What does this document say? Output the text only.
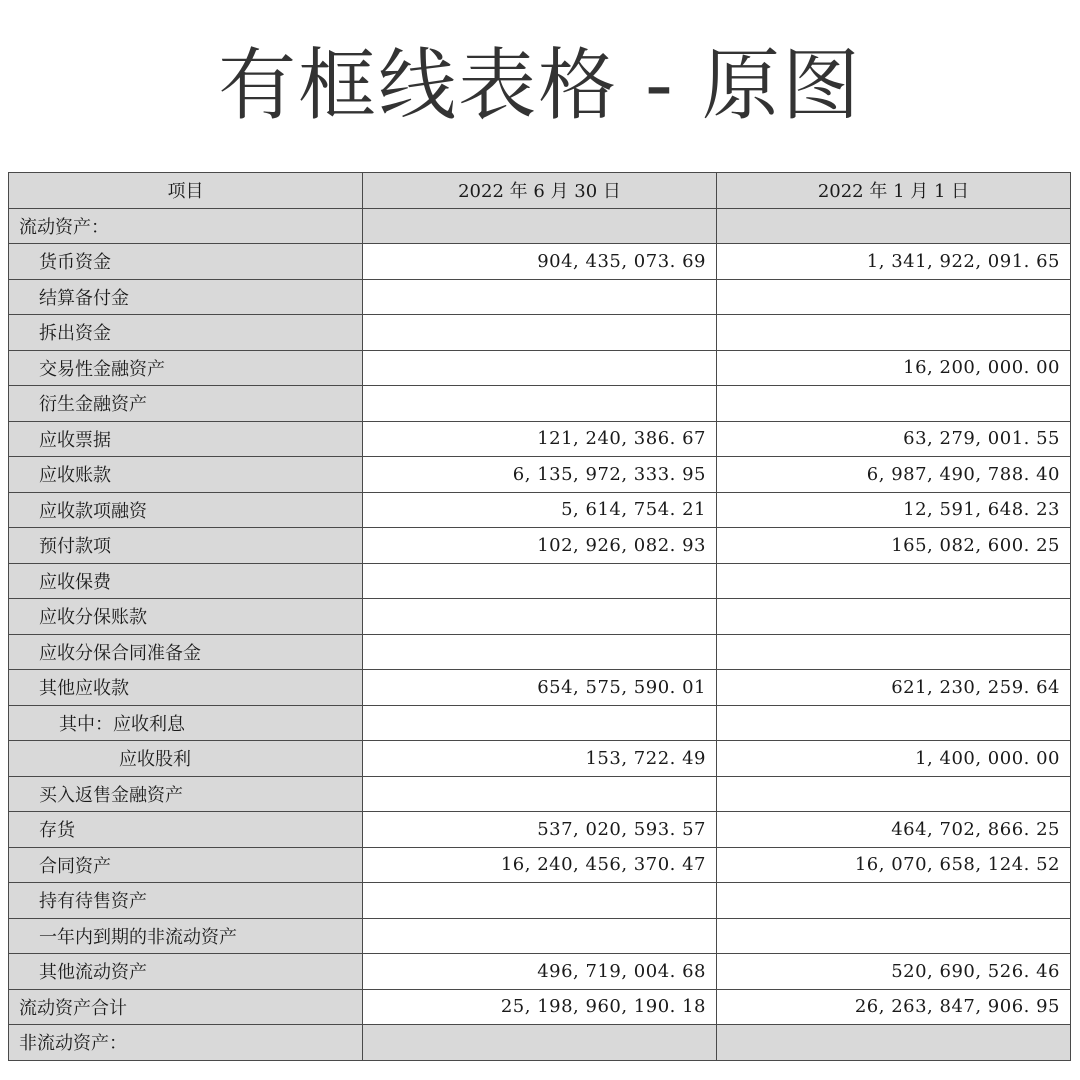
有框线表格 - 原图
项目	2022 年 6 月 30 日	2022 年 1 月 1 日
流动资产：		
货币资金	904, 435, 073. 69	1, 341, 922, 091. 65
结算备付金		
拆出资金		
交易性金融资产		16, 200, 000. 00
衍生金融资产		
应收票据	121, 240, 386. 67	63, 279, 001. 55
应收账款	6, 135, 972, 333. 95	6, 987, 490, 788. 40
应收款项融资	5, 614, 754. 21	12, 591, 648. 23
预付款项	102, 926, 082. 93	165, 082, 600. 25
应收保费		
应收分保账款		
应收分保合同准备金		
其他应收款	654, 575, 590. 01	621, 230, 259. 64
其中：应收利息		
应收股利	153, 722. 49	1, 400, 000. 00
买入返售金融资产		
存货	537, 020, 593. 57	464, 702, 866. 25
合同资产	16, 240, 456, 370. 47	16, 070, 658, 124. 52
持有待售资产		
一年内到期的非流动资产		
其他流动资产	496, 719, 004. 68	520, 690, 526. 46
流动资产合计	25, 198, 960, 190. 18	26, 263, 847, 906. 95
非流动资产：		
